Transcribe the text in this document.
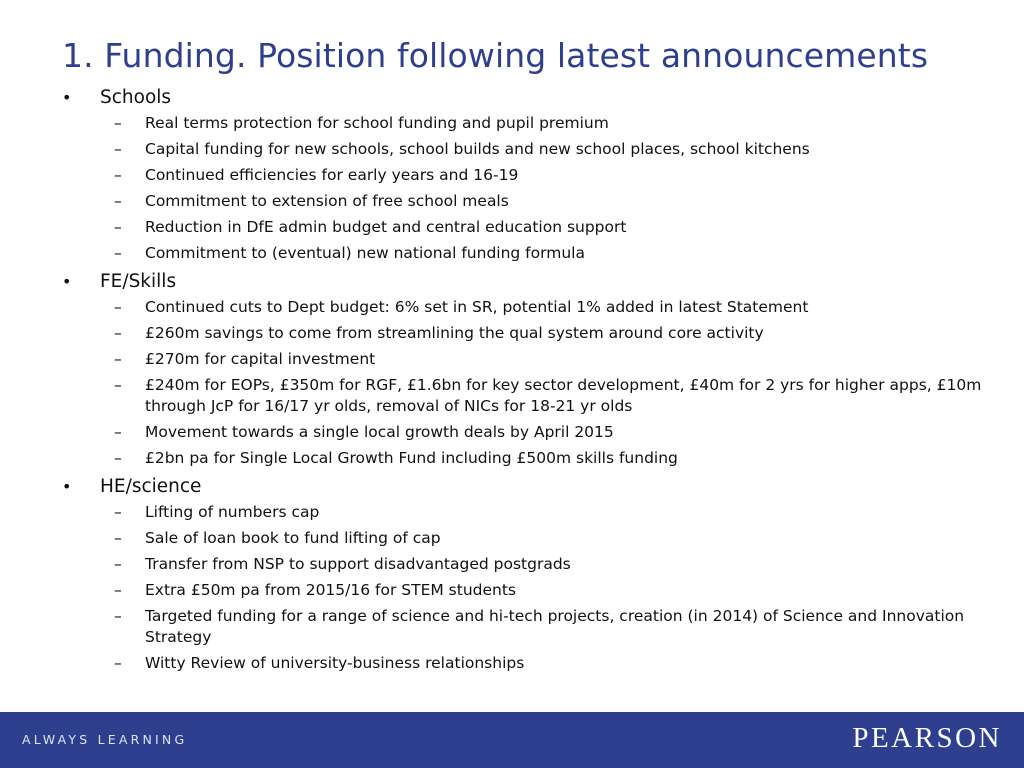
1. Funding. Position following latest announcements
• Schools
– Real terms protection for school funding and pupil premium
– Capital funding for new schools, school builds and new school places, school kitchens
– Continued efficiencies for early years and 16-19
– Commitment to extension of free school meals
– Reduction in DfE admin budget and central education support
– Commitment to (eventual) new national funding formula
• FE/Skills
– Continued cuts to Dept budget: 6% set in SR, potential 1% added in latest Statement
– £260m savings to come from streamlining the qual system around core activity
– £270m for capital investment
– £240m for EOPs, £350m for RGF, £1.6bn for key sector development, £40m for 2 yrs for higher apps, £10m through JcP for 16/17 yr olds, removal of NICs for 18-21 yr olds
– Movement towards a single local growth deals by April 2015
– £2bn pa for Single Local Growth Fund including £500m skills funding
• HE/science
– Lifting of numbers cap
– Sale of loan book to fund lifting of cap
– Transfer from NSP to support disadvantaged postgrads
– Extra £50m pa from 2015/16 for STEM students
– Targeted funding for a range of science and hi-tech projects, creation (in 2014) of Science and Innovation Strategy
– Witty Review of university-business relationships
ALWAYS LEARNING	PEARSON
